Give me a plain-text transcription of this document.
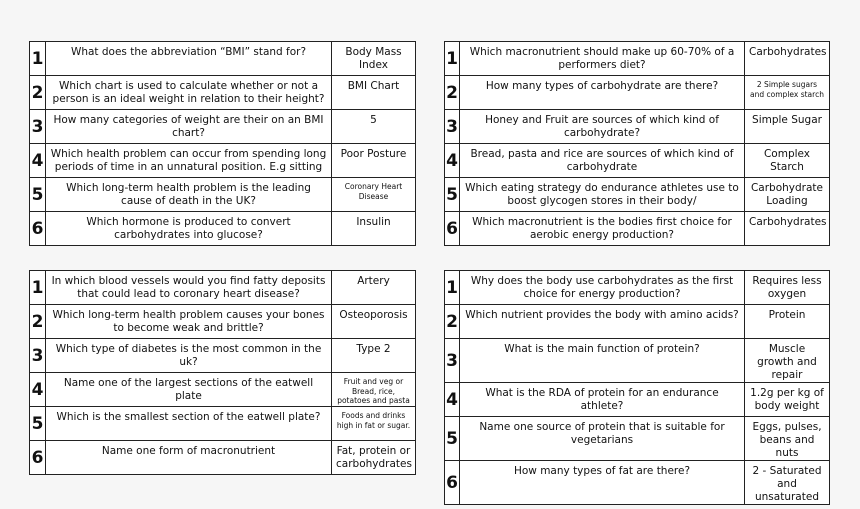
1	What does the abbreviation “BMI” stand for?	Body Mass Index
2	Which chart is used to calculate whether or not a person is an ideal weight in relation to their height?	BMI Chart
3	How many categories of weight are their on an BMI chart?	5
4	Which health problem can occur from spending long periods of time in an unnatural position. E.g sitting	Poor Posture
5	Which long-term health problem is the leading cause of death in the UK?	Coronary Heart Disease
6	Which hormone is produced to convert carbohydrates into glucose?	Insulin
1	Which macronutrient should make up 60-70% of a performers diet?	Carbohydrates
2	How many types of carbohydrate are there?	2 Simple sugars and complex starch
3	Honey and Fruit are sources of which kind of carbohydrate?	Simple Sugar
4	Bread, pasta and rice are sources of which kind of carbohydrate	Complex Starch
5	Which eating strategy do endurance athletes use to boost glycogen stores in their body/	Carbohydrate Loading
6	Which macronutrient is the bodies first choice for aerobic energy production?	Carbohydrates
1	In which blood vessels would you find fatty deposits that could lead to coronary heart disease?	Artery
2	Which long-term health problem causes your bones to become weak and brittle?	Osteoporosis
3	Which type of diabetes is the most common in the uk?	Type 2
4	Name one of the largest sections of the eatwell plate	Fruit and veg or Bread, rice, potatoes and pasta
5	Which is the smallest section of the eatwell plate?	Foods and drinks high in fat or sugar.
6	Name one form of macronutrient	Fat, protein or carbohydrates
1	Why does the body use carbohydrates as the first choice for energy production?	Requires less oxygen
2	Which nutrient provides the body with amino acids?	Protein
3	What is the main function of protein?	Muscle growth and repair
4	What is the RDA of protein for an endurance athlete?	1.2g per kg of body weight
5	Name one source of protein that is suitable for vegetarians	Eggs, pulses, beans and nuts
6	How many types of fat are there?	2 - Saturated and unsaturated
